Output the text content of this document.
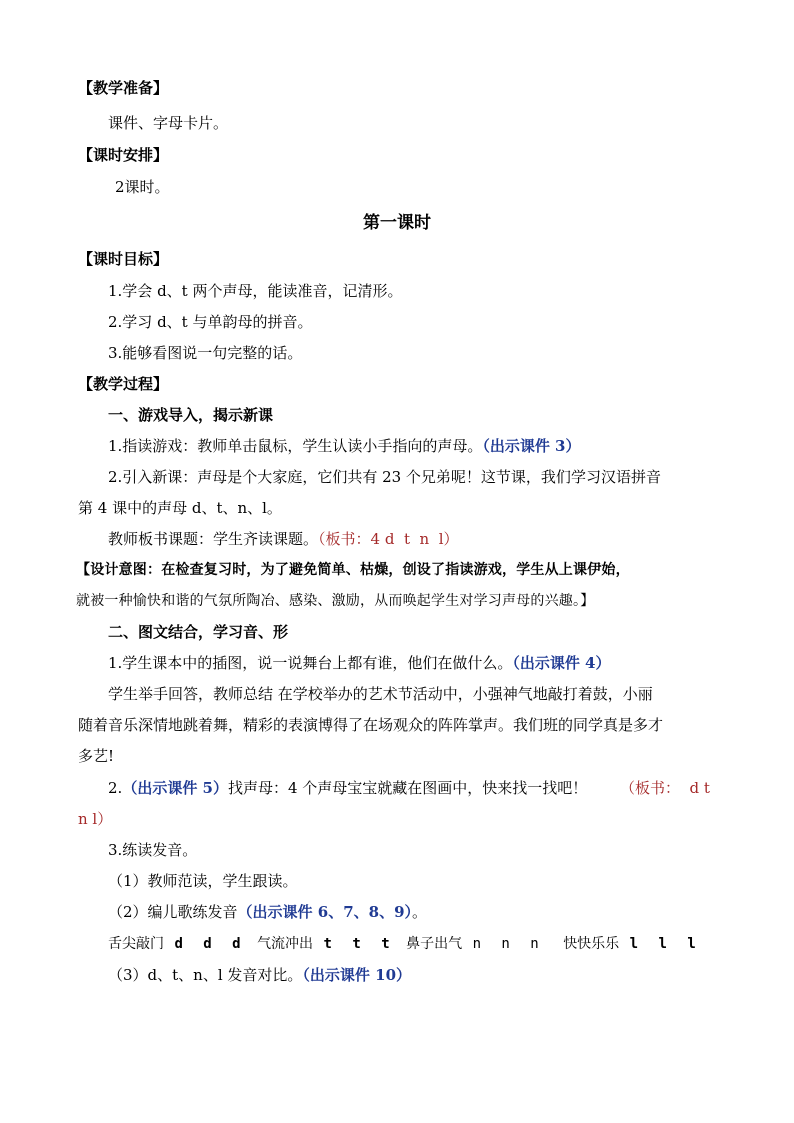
【教学准备】
课件、字母卡片。
【课时安排】
2课时。
第一课时
【课时目标】
1.学会 d、t 两个声母，能读准音，记清形。
2.学习 d、t 与单韵母的拼音。
3.能够看图说一句完整的话。
【教学过程】
一、游戏导入，揭示新课
1.指读游戏：教师单击鼠标，学生认读小手指向的声母。（出示课件 3）
2.引入新课：声母是个大家庭，它们共有 23 个兄弟呢！这节课，我们学习汉语拼音
第 4 课中的声母 d、t、n、l。
教师板书课题：学生齐读课题。（板书：4 d  t  n  l）
【设计意图：在检查复习时，为了避免简单、枯燥，创设了指读游戏，学生从上课伊始，
就被一种愉快和谐的气氛所陶冶、感染、激励，从而唤起学生对学习声母的兴趣。】
二、图文结合，学习音、形
1.学生课本中的插图，说一说舞台上都有谁，他们在做什么。（出示课件 4）
学生举手回答，教师总结 在学校举办的艺术节活动中，小强神气地敲打着鼓，小丽
随着音乐深情地跳着舞，精彩的表演博得了在场观众的阵阵掌声。我们班的同学真是多才
多艺!
2.（出示课件 5）找声母：4 个声母宝宝就藏在图画中，快来找一找吧！ （板书：  d t
n l）
3.练读发音。
（1）教师范读，学生跟读。
（2）编儿歌练发音（出示课件 6、7、8、9）。
舌尖敲门 d d d 气流冲出 t t t 鼻子出气 n n n 快快乐乐 l l l
（3）d、t、n、l 发音对比。（出示课件 10）
